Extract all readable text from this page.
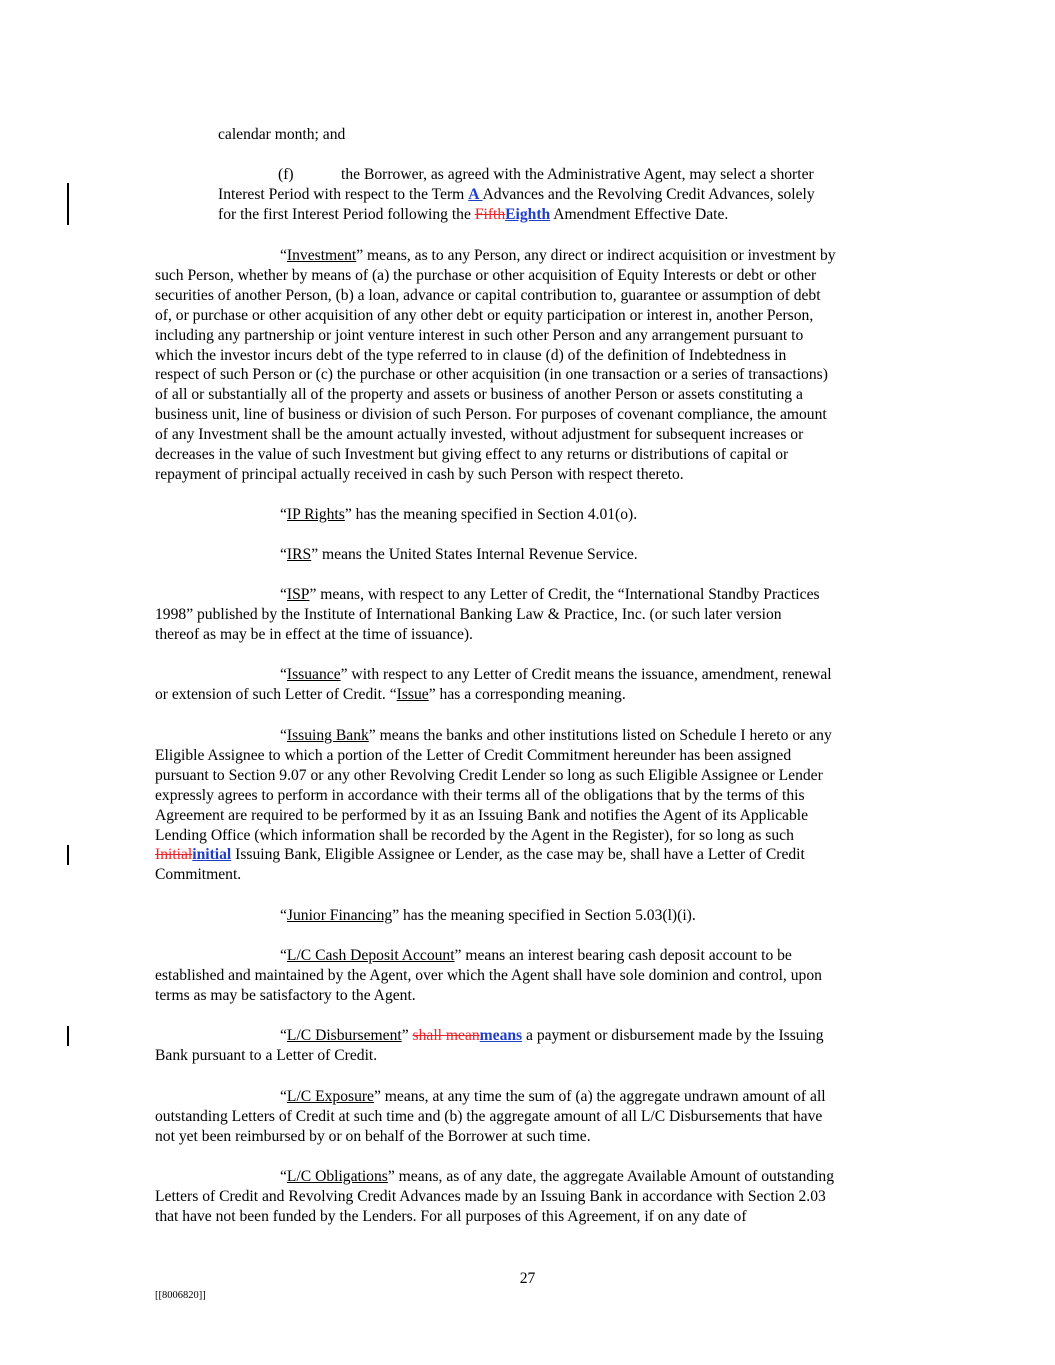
calendar month; and

(f)	the Borrower, as agreed with the Administrative Agent, may select a shorter
Interest Period with respect to the Term A Advances and the Revolving Credit Advances, solely
for the first Interest Period following the FifthEighth Amendment Effective Date.

“Investment” means, as to any Person, any direct or indirect acquisition or investment by
such Person, whether by means of (a) the purchase or other acquisition of Equity Interests or debt or other
securities of another Person, (b) a loan, advance or capital contribution to, guarantee or assumption of debt
of, or purchase or other acquisition of any other debt or equity participation or interest in, another Person,
including any partnership or joint venture interest in such other Person and any arrangement pursuant to
which the investor incurs debt of the type referred to in clause (d) of the definition of Indebtedness in
respect of such Person or (c) the purchase or other acquisition (in one transaction or a series of transactions)
of all or substantially all of the property and assets or business of another Person or assets constituting a
business unit, line of business or division of such Person. For purposes of covenant compliance, the amount
of any Investment shall be the amount actually invested, without adjustment for subsequent increases or
decreases in the value of such Investment but giving effect to any returns or distributions of capital or
repayment of principal actually received in cash by such Person with respect thereto.

“IP Rights” has the meaning specified in Section 4.01(o).

“IRS” means the United States Internal Revenue Service.

“ISP” means, with respect to any Letter of Credit, the “International Standby Practices
1998” published by the Institute of International Banking Law & Practice, Inc. (or such later version
thereof as may be in effect at the time of issuance).

“Issuance” with respect to any Letter of Credit means the issuance, amendment, renewal
or extension of such Letter of Credit. “Issue” has a corresponding meaning.

“Issuing Bank” means the banks and other institutions listed on Schedule I hereto or any
Eligible Assignee to which a portion of the Letter of Credit Commitment hereunder has been assigned
pursuant to Section 9.07 or any other Revolving Credit Lender so long as such Eligible Assignee or Lender
expressly agrees to perform in accordance with their terms all of the obligations that by the terms of this
Agreement are required to be performed by it as an Issuing Bank and notifies the Agent of its Applicable
Lending Office (which information shall be recorded by the Agent in the Register), for so long as such
Initialinitial Issuing Bank, Eligible Assignee or Lender, as the case may be, shall have a Letter of Credit
Commitment.

“Junior Financing” has the meaning specified in Section 5.03(l)(i).

“L/C Cash Deposit Account” means an interest bearing cash deposit account to be
established and maintained by the Agent, over which the Agent shall have sole dominion and control, upon
terms as may be satisfactory to the Agent.

“L/C Disbursement” shall meanmeans a payment or disbursement made by the Issuing
Bank pursuant to a Letter of Credit.

“L/C Exposure” means, at any time the sum of (a) the aggregate undrawn amount of all
outstanding Letters of Credit at such time and (b) the aggregate amount of all L/C Disbursements that have
not yet been reimbursed by or on behalf of the Borrower at such time.

“L/C Obligations” means, as of any date, the aggregate Available Amount of outstanding
Letters of Credit and Revolving Credit Advances made by an Issuing Bank in accordance with Section 2.03
that have not been funded by the Lenders. For all purposes of this Agreement, if on any date of

27
[[8006820]]
